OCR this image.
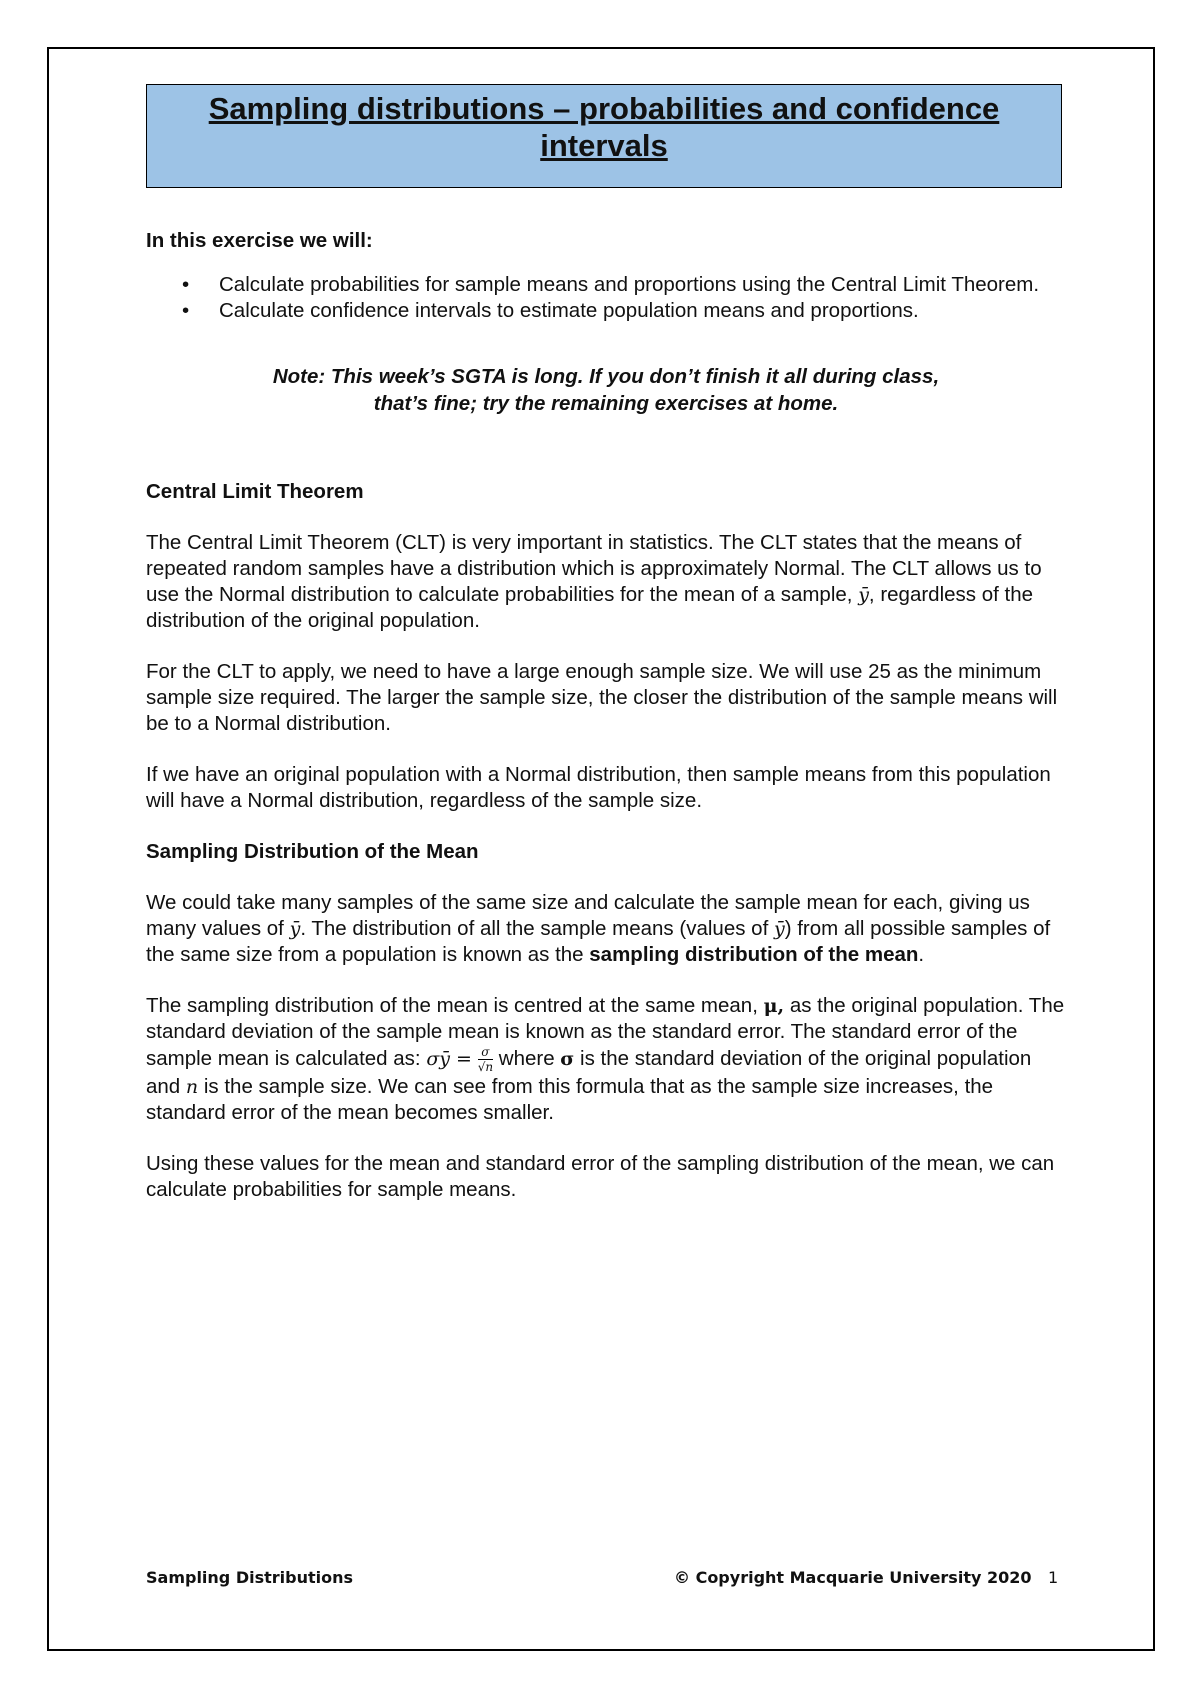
Sampling distributions – probabilities and confidence intervals

In this exercise we will:

• Calculate probabilities for sample means and proportions using the Central Limit Theorem.
• Calculate confidence intervals to estimate population means and proportions.

Note: This week’s SGTA is long. If you don’t finish it all during class, that’s fine; try the remaining exercises at home.

Central Limit Theorem

The Central Limit Theorem (CLT) is very important in statistics. The CLT states that the means of repeated random samples have a distribution which is approximately Normal. The CLT allows us to use the Normal distribution to calculate probabilities for the mean of a sample, ȳ, regardless of the distribution of the original population.

For the CLT to apply, we need to have a large enough sample size. We will use 25 as the minimum sample size required. The larger the sample size, the closer the distribution of the sample means will be to a Normal distribution.

If we have an original population with a Normal distribution, then sample means from this population will have a Normal distribution, regardless of the sample size.

Sampling Distribution of the Mean

We could take many samples of the same size and calculate the sample mean for each, giving us many values of ȳ. The distribution of all the sample means (values of ȳ) from all possible samples of the same size from a population is known as the sampling distribution of the mean.

The sampling distribution of the mean is centred at the same mean, μ, as the original population. The standard deviation of the sample mean is known as the standard error. The standard error of the sample mean is calculated as: σȳ = $\frac{\sigma}{√n}$ where σ is the standard deviation of the original population and n is the sample size. We can see from this formula that as the sample size increases, the standard error of the mean becomes smaller.

Using these values for the mean and standard error of the sampling distribution of the mean, we can calculate probabilities for sample means.

Sampling Distributions	© Copyright Macquarie University 2020 1
